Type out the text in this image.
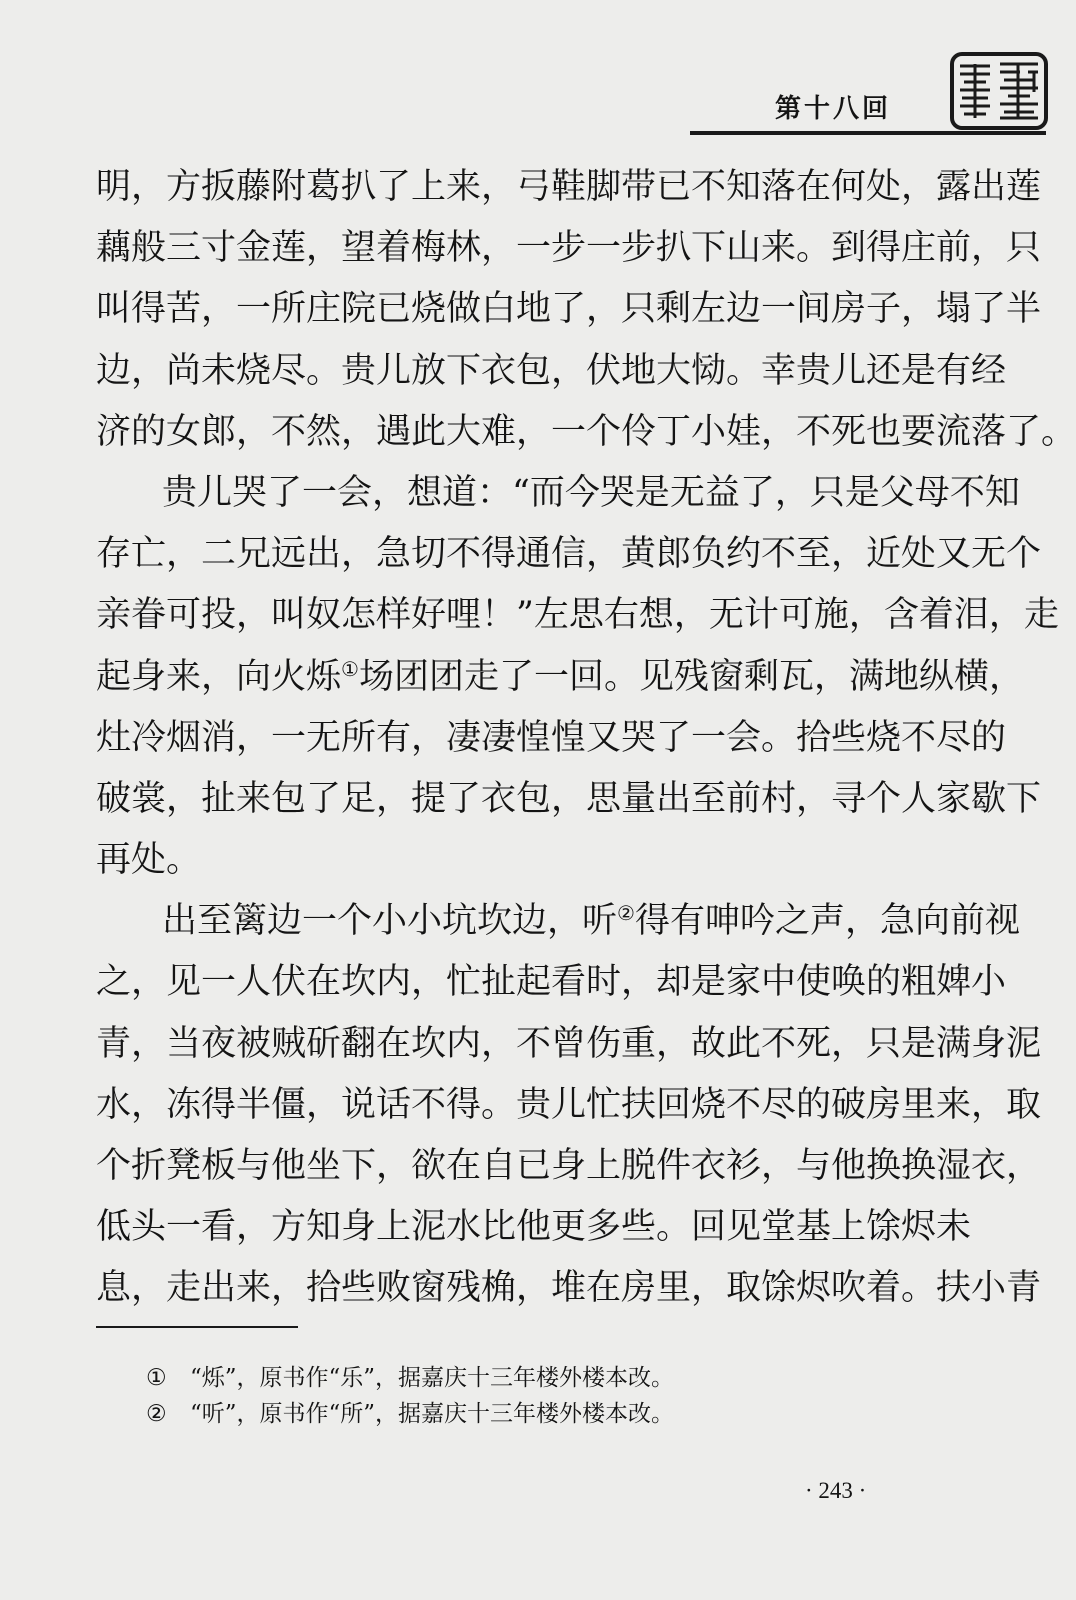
第十八回
明，方扳藤附葛扒了上来，弓鞋脚带已不知落在何处，露出莲
藕般三寸金莲，望着梅林，一步一步扒下山来。到得庄前，只
叫得苦，一所庄院已烧做白地了，只剩左边一间房子，塌了半
边，尚未烧尽。贵儿放下衣包，伏地大恸。幸贵儿还是有经
济的女郎，不然，遇此大难，一个伶丁小娃，不死也要流落了。
贵儿哭了一会，想道：“而今哭是无益了，只是父母不知
存亡，二兄远出，急切不得通信，黄郎负约不至，近处又无个
亲眷可投，叫奴怎样好哩！”左思右想，无计可施，含着泪，走
起身来，向火烁①场团团走了一回。见残窗剩瓦，满地纵横，
灶冷烟消，一无所有，凄凄惶惶又哭了一会。拾些烧不尽的
破裳，扯来包了足，提了衣包，思量出至前村，寻个人家歇下
再处。
出至篱边一个小小坑坎边，听②得有呻吟之声，急向前视
之，见一人伏在坎内，忙扯起看时，却是家中使唤的粗婢小
青，当夜被贼斫翻在坎内，不曾伤重，故此不死，只是满身泥
水，冻得半僵，说话不得。贵儿忙扶回烧不尽的破房里来，取
个折凳板与他坐下，欲在自已身上脱件衣衫，与他换换湿衣，
低头一看，方知身上泥水比他更多些。回见堂基上馀烬未
息，走出来，拾些败窗残桷，堆在房里，取馀烬吹着。扶小青
① “烁”，原书作“乐”，据嘉庆十三年楼外楼本改。
② “听”，原书作“所”，据嘉庆十三年楼外楼本改。
· 243 ·
